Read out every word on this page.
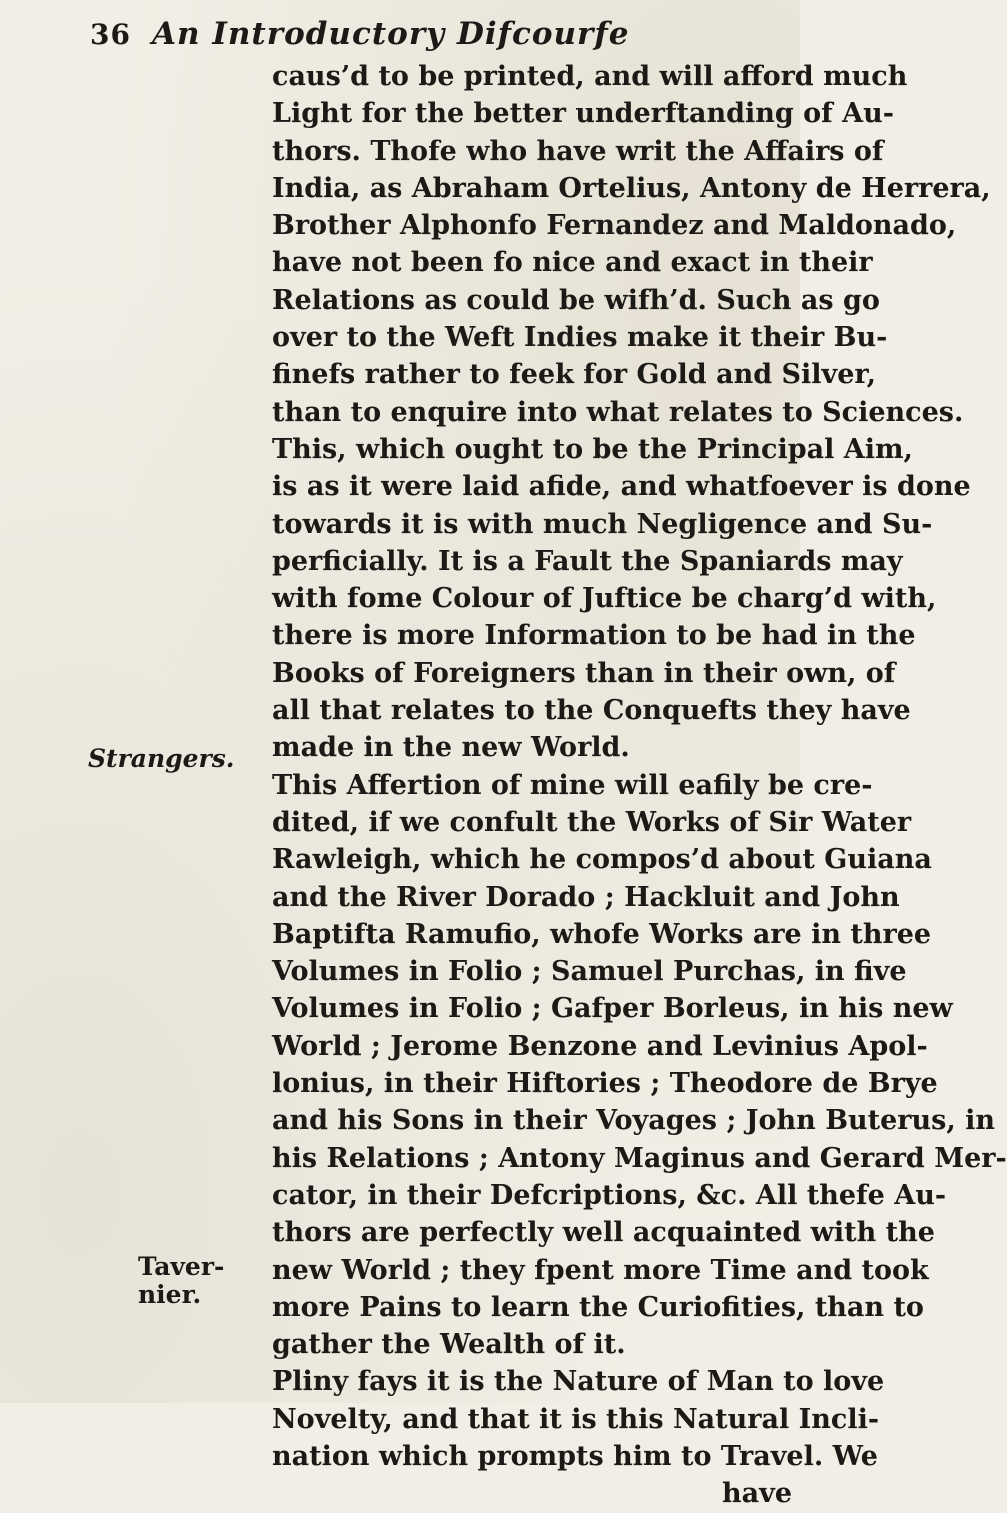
36 An Introductory Difcourfe
Strangers.
Taver-
nier.
caus’d to be printed, and will afford much
Light for the better underftanding of Au-
thors. Thofe who have writ the Affairs of
India, as Abraham Ortelius, Antony de Herrera,
Brother Alphonfo Fernandez and Maldonado,
have not been fo nice and exact in their
Relations as could be wifh’d. Such as go
over to the Weft Indies make it their Bu-
finefs rather to feek for Gold and Silver,
than to enquire into what relates to Sciences.
This, which ought to be the Principal Aim,
is as it were laid afide, and whatfoever is done
towards it is with much Negligence and Su-
perficially. It is a Fault the Spaniards may
with fome Colour of Juftice be charg’d with,
there is more Information to be had in the
Books of Foreigners than in their own, of
all that relates to the Conquefts they have
made in the new World.
This Affertion of mine will eafily be cre-
dited, if we confult the Works of Sir Water
Rawleigh, which he compos’d about Guiana
and the River Dorado ; Hackluit and John
Baptifta Ramufio, whofe Works are in three
Volumes in Folio ; Samuel Purchas, in five
Volumes in Folio ; Gafper Borleus, in his new
World ; Jerome Benzone and Levinius Apol-
lonius, in their Hiftories ; Theodore de Brye
and his Sons in their Voyages ; John Buterus, in
his Relations ; Antony Maginus and Gerard Mer-
cator, in their Defcriptions, &c. All thefe Au-
thors are perfectly well acquainted with the
new World ; they fpent more Time and took
more Pains to learn the Curiofities, than to
gather the Wealth of it.
Pliny fays it is the Nature of Man to love
Novelty, and that it is this Natural Incli-
nation which prompts him to Travel. We
have
